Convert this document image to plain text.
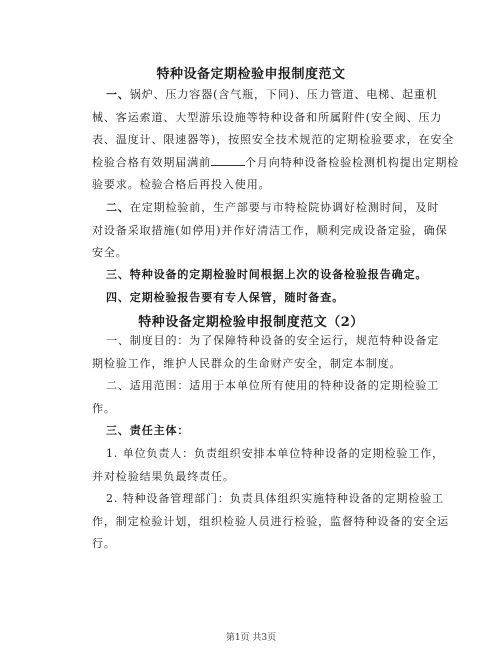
特种设备定期检验申报制度范文
一、锅炉、压力容器(含气瓶，下同)、压力管道、电梯、起重机
械、客运索道、大型游乐设施等特种设备和所属附件(安全阀、压力
表、温度计、限速器等)，按照安全技术规范的定期检验要求，在安全
检验合格有效期届满前	个月向特种设备检验检测机构提出定期检
验要求。检验合格后再投入使用。
二、在定期检验前，生产部要与市特检院协调好检测时间，及时
对设备采取措施(如停用)并作好清洁工作，顺利完成设备定验，确保
安全。
三、特种设备的定期检验时间根据上次的设备检验报告确定。
四、定期检验报告要有专人保管，随时备查。
特种设备定期检验申报制度范文（2）
一、制度目的：为了保障特种设备的安全运行，规范特种设备定
期检验工作，维护人民群众的生命财产安全，制定本制度。
二、适用范围：适用于本单位所有使用的特种设备的定期检验工
作。
三、责任主体：
1. 单位负责人：负责组织安排本单位特种设备的定期检验工作，
并对检验结果负最终责任。
2. 特种设备管理部门：负责具体组织实施特种设备的定期检验工
作，制定检验计划，组织检验人员进行检验，监督特种设备的安全运
行。
第1页 共3页
